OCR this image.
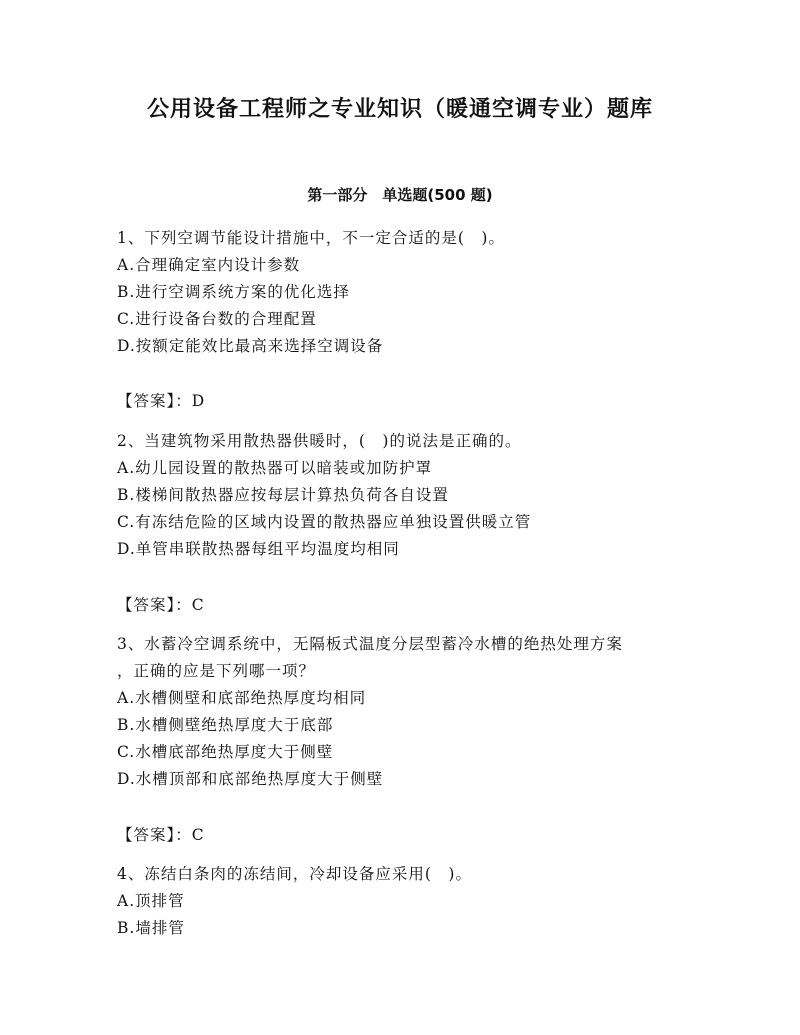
公用设备工程师之专业知识（暖通空调专业）题库
第一部分　单选题(500 题)
1、下列空调节能设计措施中，不一定合适的是(　)。
A.合理确定室内设计参数
B.进行空调系统方案的优化选择
C.进行设备台数的合理配置
D.按额定能效比最高来选择空调设备
【答案】：D
2、当建筑物采用散热器供暖时，(　)的说法是正确的。
A.幼儿园设置的散热器可以暗装或加防护罩
B.楼梯间散热器应按每层计算热负荷各自设置
C.有冻结危险的区域内设置的散热器应单独设置供暖立管
D.单管串联散热器每组平均温度均相同
【答案】：C
3、水蓄冷空调系统中，无隔板式温度分层型蓄冷水槽的绝热处理方案
，正确的应是下列哪一项？
A.水槽侧壁和底部绝热厚度均相同
B.水槽侧壁绝热厚度大于底部
C.水槽底部绝热厚度大于侧壁
D.水槽顶部和底部绝热厚度大于侧壁
【答案】：C
4、冻结白条肉的冻结间，冷却设备应采用(　)。
A.顶排管
B.墙排管
